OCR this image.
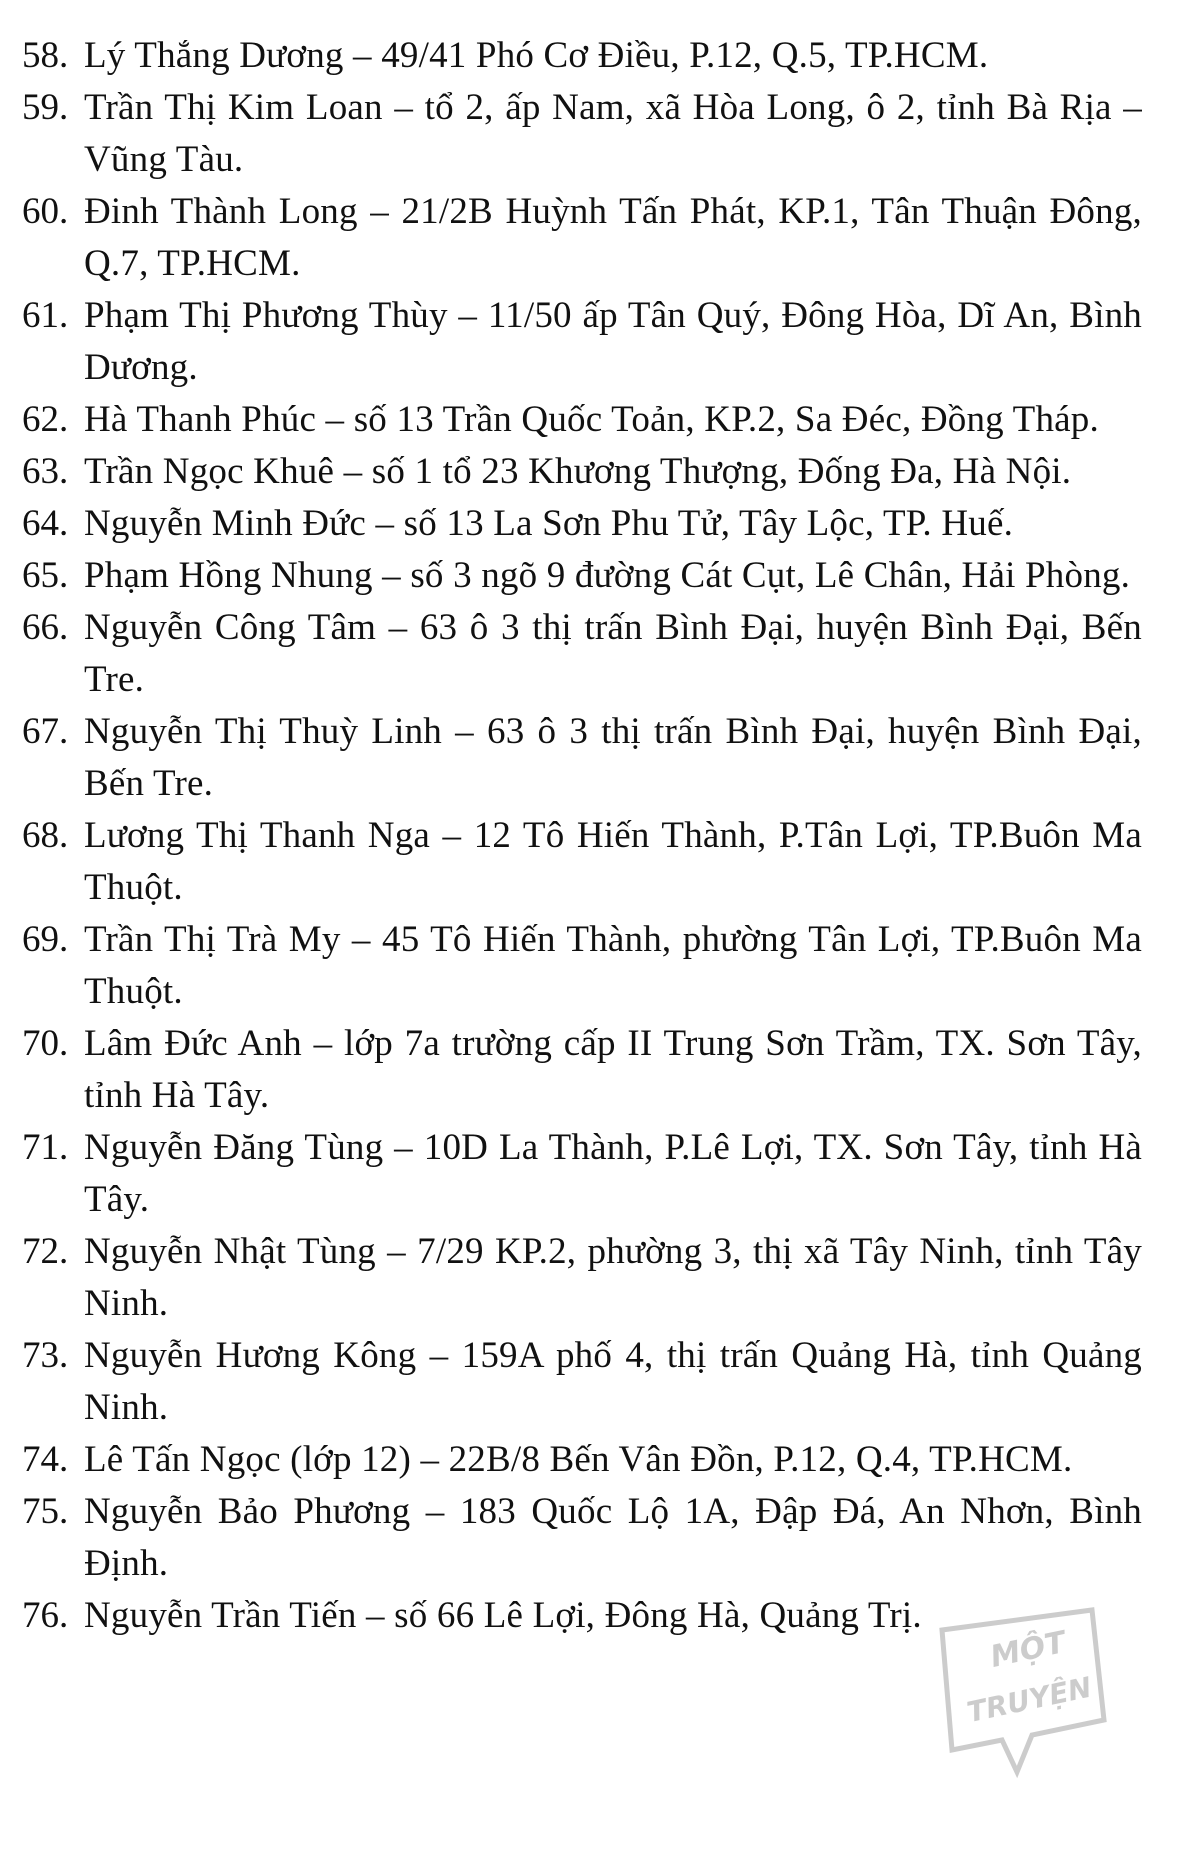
58. Lý Thắng Dương – 49/41 Phó Cơ Điều, P.12, Q.5, TP.HCM.
59. Trần Thị Kim Loan – tổ 2, ấp Nam, xã Hòa Long, ô 2, tỉnh Bà Rịa – Vũng Tàu.
60. Đinh Thành Long – 21/2B Huỳnh Tấn Phát, KP.1, Tân Thuận Đông, Q.7, TP.HCM.
61. Phạm Thị Phương Thùy – 11/50 ấp Tân Quý, Đông Hòa, Dĩ An, Bình Dương.
62. Hà Thanh Phúc – số 13 Trần Quốc Toản, KP.2, Sa Đéc, Đồng Tháp.
63. Trần Ngọc Khuê – số 1 tổ 23 Khương Thượng, Đống Đa, Hà Nội.
64. Nguyễn Minh Đức – số 13 La Sơn Phu Tử, Tây Lộc, TP. Huế.
65. Phạm Hồng Nhung – số 3 ngõ 9 đường Cát Cụt, Lê Chân, Hải Phòng.
66. Nguyễn Công Tâm – 63 ô 3 thị trấn Bình Đại, huyện Bình Đại, Bến Tre.
67. Nguyễn Thị Thuỳ Linh – 63 ô 3 thị trấn Bình Đại, huyện Bình Đại, Bến Tre.
68. Lương Thị Thanh Nga – 12 Tô Hiến Thành, P.Tân Lợi, TP.Buôn Ma Thuột.
69. Trần Thị Trà My – 45 Tô Hiến Thành, phường Tân Lợi, TP.Buôn Ma Thuột.
70. Lâm Đức Anh – lớp 7a trường cấp II Trung Sơn Trầm, TX. Sơn Tây, tỉnh Hà Tây.
71. Nguyễn Đăng Tùng – 10D La Thành, P.Lê Lợi, TX. Sơn Tây, tỉnh Hà Tây.
72. Nguyễn Nhật Tùng – 7/29 KP.2, phường 3, thị xã Tây Ninh, tỉnh Tây Ninh.
73. Nguyễn Hương Kông – 159A phố 4, thị trấn Quảng Hà, tỉnh Quảng Ninh.
74. Lê Tấn Ngọc (lớp 12) – 22B/8 Bến Vân Đồn, P.12, Q.4, TP.HCM.
75. Nguyễn Bảo Phương – 183 Quốc Lộ 1A, Đập Đá, An Nhơn, Bình Định.
76. Nguyễn Trần Tiến – số 66 Lê Lợi, Đông Hà, Quảng Trị.
MỘT
TRUYỆN
